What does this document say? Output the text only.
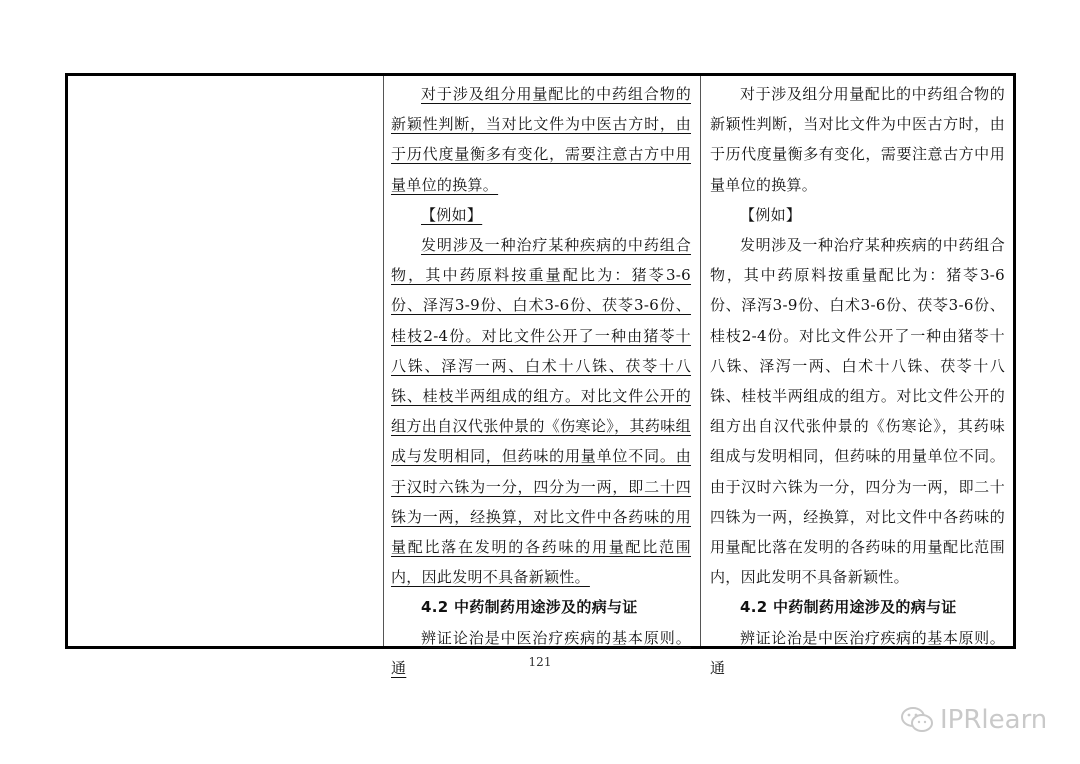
对于涉及组分用量配比的中药组合物的新颖性判断，当对比文件为中医古方时，由于历代度量衡多有变化，需要注意古方中用量单位的换算。

【例如】

发明涉及一种治疗某种疾病的中药组合物，其中药原料按重量配比为：猪苓3-6份、泽泻3-9份、白术3-6份、茯苓3-6份、桂枝2-4份。对比文件公开了一种由猪苓十八铢、泽泻一两、白术十八铢、茯苓十八铢、桂枝半两组成的组方。对比文件公开的组方出自汉代张仲景的《伤寒论》，其药味组成与发明相同，但药味的用量单位不同。由于汉时六铢为一分，四分为一两，即二十四铢为一两，经换算，对比文件中各药味的用量配比落在发明的各药味的用量配比范围内，因此发明不具备新颖性。

4.2 中药制药用途涉及的病与证

辨证论治是中医治疗疾病的基本原则。通

对于涉及组分用量配比的中药组合物的新颖性判断，当对比文件为中医古方时，由于历代度量衡多有变化，需要注意古方中用量单位的换算。

【例如】

发明涉及一种治疗某种疾病的中药组合物，其中药原料按重量配比为：猪苓3-6份、泽泻3-9份、白术3-6份、茯苓3-6份、桂枝2-4份。对比文件公开了一种由猪苓十八铢、泽泻一两、白术十八铢、茯苓十八铢、桂枝半两组成的组方。对比文件公开的组方出自汉代张仲景的《伤寒论》，其药味组成与发明相同，但药味的用量单位不同。由于汉时六铢为一分，四分为一两，即二十四铢为一两，经换算，对比文件中各药味的用量配比落在发明的各药味的用量配比范围内，因此发明不具备新颖性。

4.2 中药制药用途涉及的病与证

辨证论治是中医治疗疾病的基本原则。通

121
IPRlearn
